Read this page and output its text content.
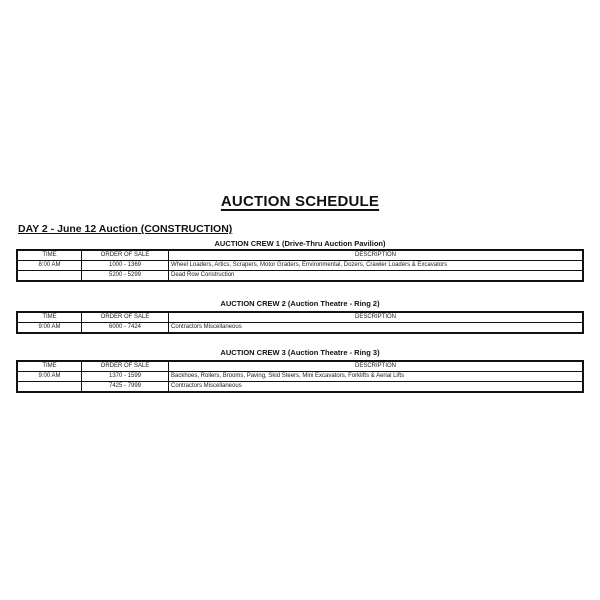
AUCTION SCHEDULE
DAY 2 - June 12 Auction (CONSTRUCTION)
AUCTION CREW 1 (Drive-Thru Auction Pavilion)
TIME	ORDER OF SALE	DESCRIPTION
8:00 AM	1000 - 1369	Wheel Loaders, Artics, Scrapers, Motor Graders, Environmental, Dozers, Crawler Loaders & Excavators
	5200 - 5299	Dead Row Construction
AUCTION CREW 2 (Auction Theatre - Ring 2)
TIME	ORDER OF SALE	DESCRIPTION
9:00 AM	6000 - 7424	Contractors Miscellaneous
AUCTION CREW 3 (Auction Theatre - Ring 3)
TIME	ORDER OF SALE	DESCRIPTION
9:00 AM	1370 - 1599	Backhoes, Rollers, Brooms, Paving, Skid Steers, Mini Excavators, Forklifts & Aerial Lifts
	7425 - 7999	Contractors Miscellaneous
